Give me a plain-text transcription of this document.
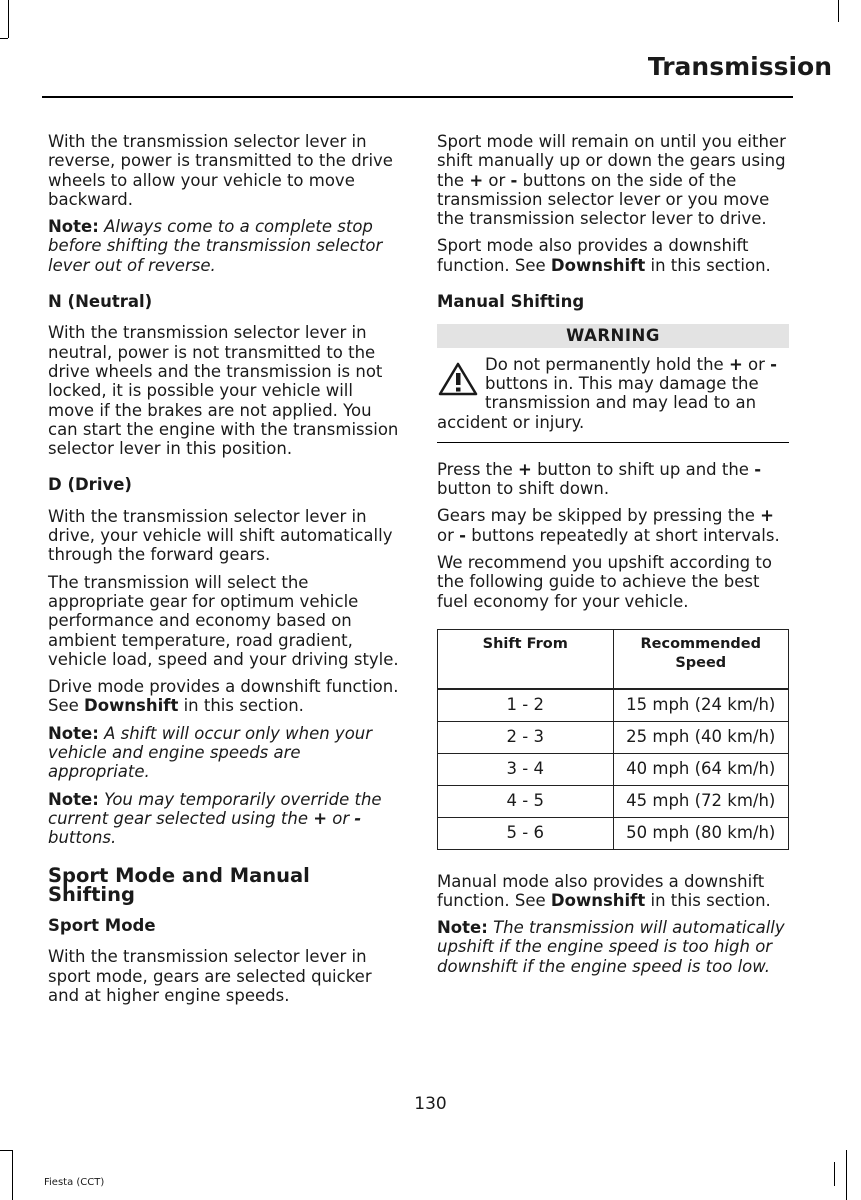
Transmission

With the transmission selector lever in reverse, power is transmitted to the drive wheels to allow your vehicle to move backward.

Note: Always come to a complete stop before shifting the transmission selector lever out of reverse.

N (Neutral)

With the transmission selector lever in neutral, power is not transmitted to the drive wheels and the transmission is not locked, it is possible your vehicle will move if the brakes are not applied. You can start the engine with the transmission selector lever in this position.

D (Drive)

With the transmission selector lever in drive, your vehicle will shift automatically through the forward gears.

The transmission will select the appropriate gear for optimum vehicle performance and economy based on ambient temperature, road gradient, vehicle load, speed and your driving style.

Drive mode provides a downshift function. See Downshift in this section.

Note: A shift will occur only when your vehicle and engine speeds are appropriate.

Note: You may temporarily override the current gear selected using the + or - buttons.

Sport Mode and Manual Shifting
Sport Mode

With the transmission selector lever in sport mode, gears are selected quicker and at higher engine speeds.

Sport mode will remain on until you either shift manually up or down the gears using the + or - buttons on the side of the transmission selector lever or you move the transmission selector lever to drive.

Sport mode also provides a downshift function. See Downshift in this section.

Manual Shifting
WARNING
Do not permanently hold the + or -
buttons in. This may damage the
transmission and may lead to an
accident or injury.

Press the + button to shift up and the - button to shift down.

Gears may be skipped by pressing the + or - buttons repeatedly at short intervals.

We recommend you upshift according to the following guide to achieve the best fuel economy for your vehicle.

Shift From	Recommended Speed
1 - 2	15 mph (24 km/h)
2 - 3	25 mph (40 km/h)
3 - 4	40 mph (64 km/h)
4 - 5	45 mph (72 km/h)
5 - 6	50 mph (80 km/h)

Manual mode also provides a downshift function. See Downshift in this section.

Note: The transmission will automatically upshift if the engine speed is too high or downshift if the engine speed is too low.

130
Fiesta (CCT)
